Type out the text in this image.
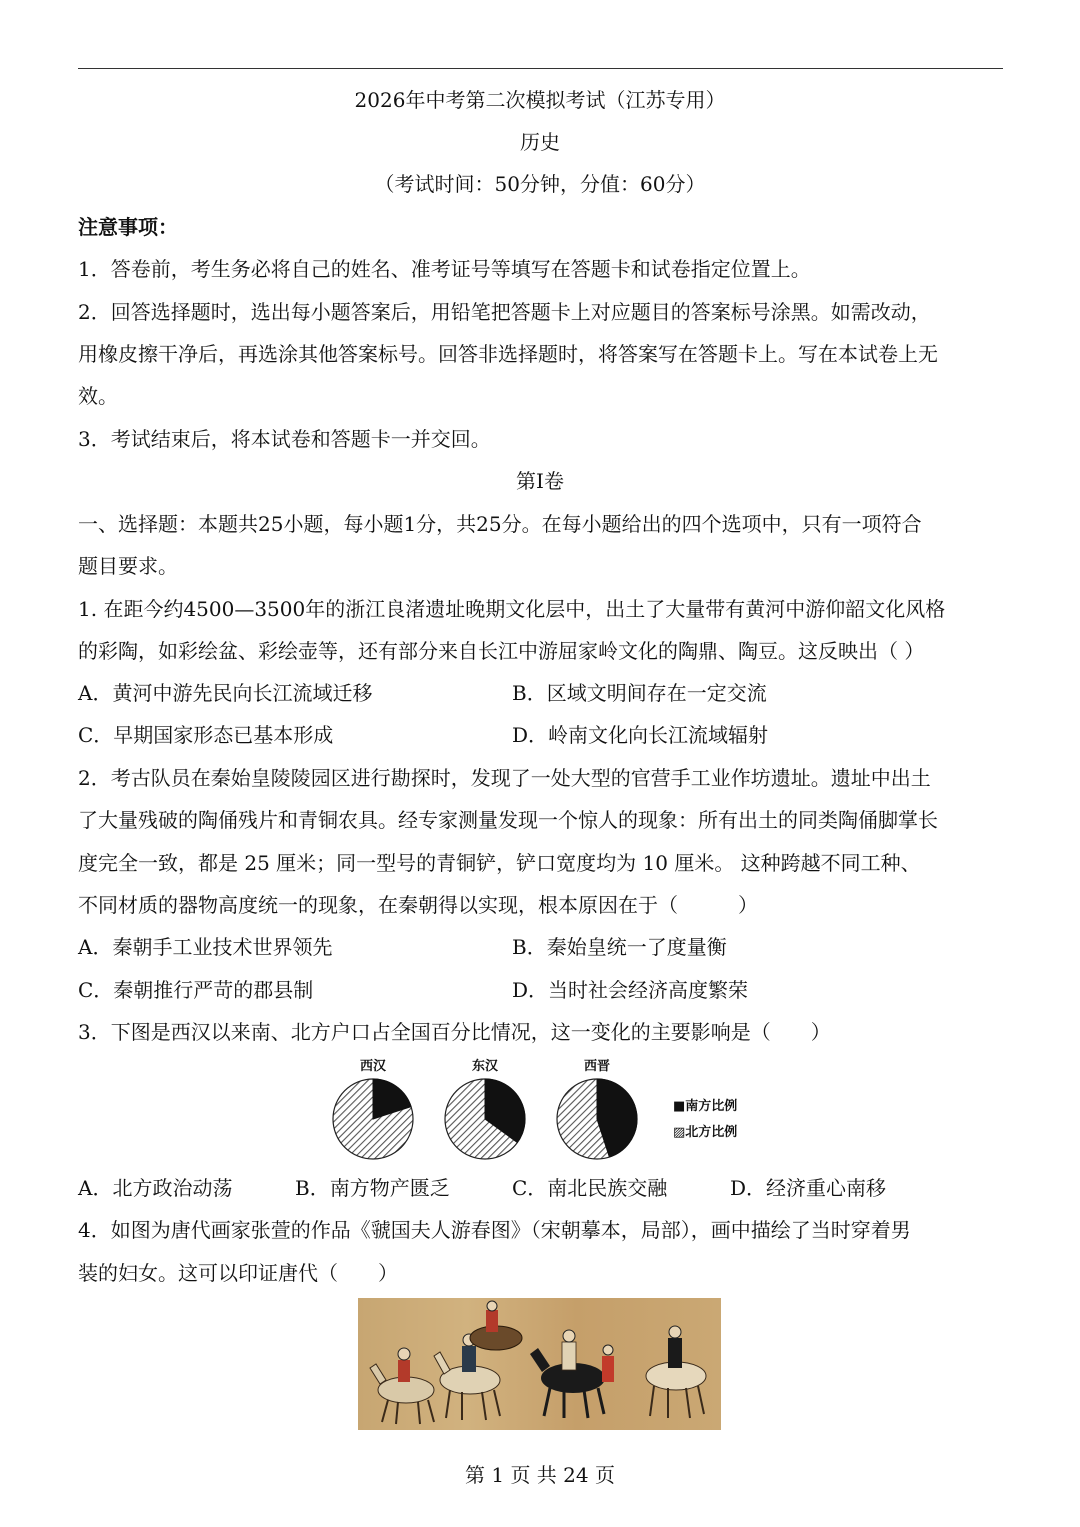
2026年中考第二次模拟考试（江苏专用）
历史
（考试时间：50分钟，分值：60分）
注意事项：
1．答卷前，考生务必将自己的姓名、准考证号等填写在答题卡和试卷指定位置上。
2．回答选择题时，选出每小题答案后，用铅笔把答题卡上对应题目的答案标号涂黑。如需改动，
用橡皮擦干净后，再选涂其他答案标号。回答非选择题时，将答案写在答题卡上。写在本试卷上无
效。
3．考试结束后，将本试卷和答题卡一并交回。
第Ⅰ卷
一、选择题：本题共25小题，每小题1分，共25分。在每小题给出的四个选项中，只有一项符合
题目要求。
1. 在距今约4500—3500年的浙江良渚遗址晚期文化层中，出土了大量带有黄河中游仰韶文化风格
的彩陶，如彩绘盆、彩绘壶等，还有部分来自长江中游屈家岭文化的陶鼎、陶豆。这反映出（ ）
A．黄河中游先民向长江流域迁移	B．区域文明间存在一定交流
C．早期国家形态已基本形成	D．岭南文化向长江流域辐射
2．考古队员在秦始皇陵陵园区进行勘探时，发现了一处大型的官营手工业作坊遗址。遗址中出土
了大量残破的陶俑残片和青铜农具。经专家测量发现一个惊人的现象：所有出土的同类陶俑脚掌长
度完全一致，都是 25 厘米；同一型号的青铜铲，铲口宽度均为 10 厘米。 这种跨越不同工种、
不同材质的器物高度统一的现象，在秦朝得以实现，根本原因在于（　　　）
A．秦朝手工业技术世界领先	B．秦始皇统一了度量衡
C．秦朝推行严苛的郡县制	D．当时社会经济高度繁荣
3．下图是西汉以来南、北方户口占全国百分比情况，这一变化的主要影响是（　　）
西汉	东汉	西晋
■南方比例
▨北方比例
A．北方政治动荡	B．南方物产匮乏	C．南北民族交融	D．经济重心南移
4．如图为唐代画家张萱的作品《虢国夫人游春图》（宋朝摹本，局部），画中描绘了当时穿着男
装的妇女。这可以印证唐代（　　）
第 1 页 共 24 页
